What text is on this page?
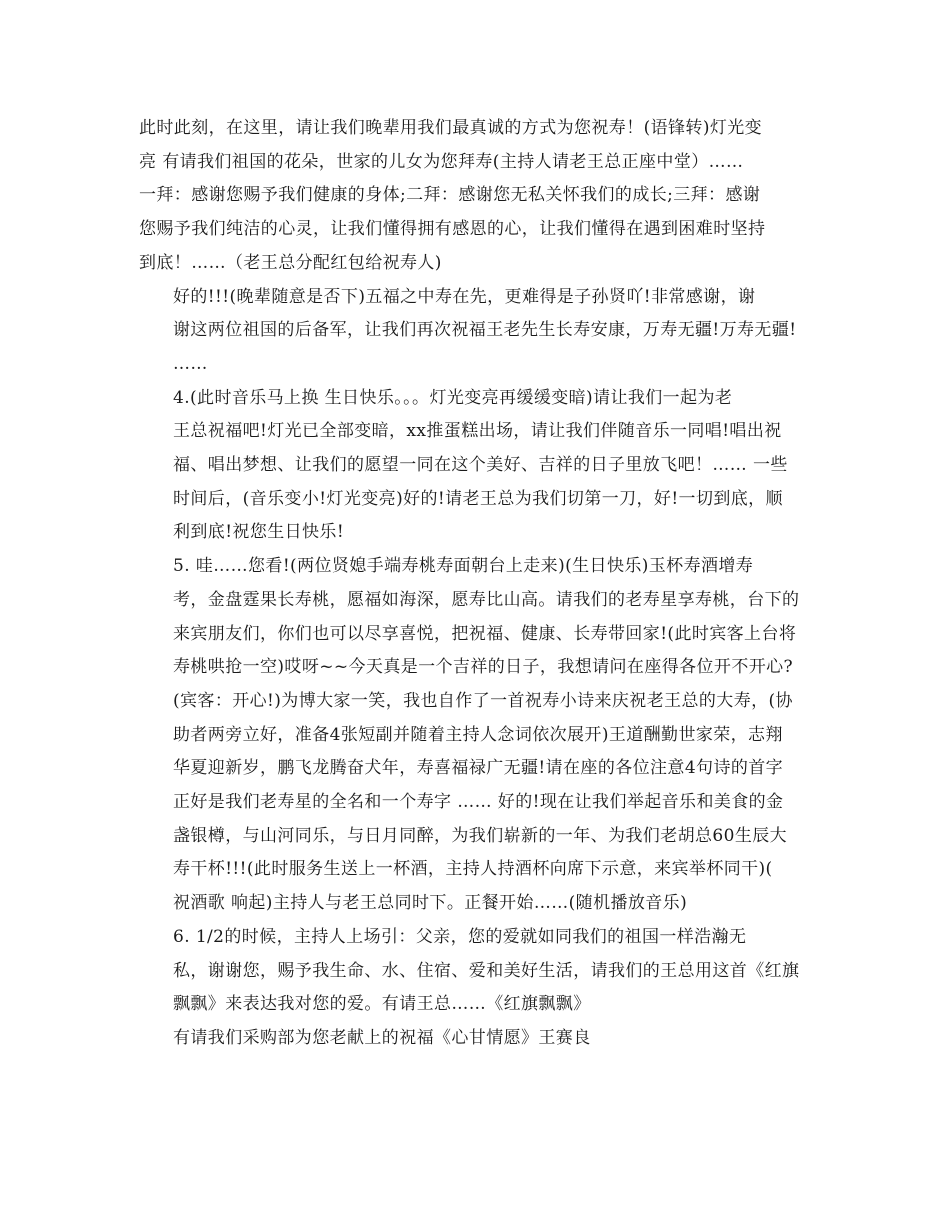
此时此刻，在这里，请让我们晚辈用我们最真诚的方式为您祝寿！(语锋转)灯光变
亮 有请我们祖国的花朵，世家的儿女为您拜寿(主持人请老王总正座中堂）……
一拜：感谢您赐予我们健康的身体;二拜：感谢您无私关怀我们的成长;三拜：感谢
您赐予我们纯洁的心灵，让我们懂得拥有感恩的心，让我们懂得在遇到困难时坚持
到底！……（老王总分配红包给祝寿人)
好的!!!(晚辈随意是否下)五福之中寿在先，更难得是子孙贤吖!非常感谢，谢
谢这两位祖国的后备军，让我们再次祝福王老先生长寿安康，万寿无疆!万寿无疆!
……
4.(此时音乐马上换 生日快乐。。。灯光变亮再缓缓变暗)请让我们一起为老
王总祝福吧!灯光已全部变暗，xx推蛋糕出场，请让我们伴随音乐一同唱!唱出祝
福、唱出梦想、让我们的愿望一同在这个美好、吉祥的日子里放飞吧！…… 一些
时间后，(音乐变小!灯光变亮)好的!请老王总为我们切第一刀，好!一切到底，顺
利到底!祝您生日快乐!
5. 哇……您看!(两位贤媳手端寿桃寿面朝台上走来)(生日快乐)玉杯寿酒增寿
考，金盘霆果长寿桃，愿福如海深，愿寿比山高。请我们的老寿星享寿桃，台下的
来宾朋友们，你们也可以尽享喜悦，把祝福、健康、长寿带回家!(此时宾客上台将
寿桃哄抢一空)哎呀~~今天真是一个吉祥的日子，我想请问在座得各位开不开心?
(宾客：开心!)为博大家一笑，我也自作了一首祝寿小诗来庆祝老王总的大寿，(协
助者两旁立好，准备4张短副并随着主持人念词依次展开)王道酬勤世家荣，志翔
华夏迎新岁，鹏飞龙腾奋犬年，寿喜福禄广无疆!请在座的各位注意4句诗的首字
正好是我们老寿星的全名和一个寿字 …… 好的!现在让我们举起音乐和美食的金
盏银樽，与山河同乐，与日月同醉，为我们崭新的一年、为我们老胡总60生辰大
寿干杯!!!(此时服务生送上一杯酒，主持人持酒杯向席下示意，来宾举杯同干)(
祝酒歌 响起)主持人与老王总同时下。正餐开始……(随机播放音乐)
6. 1/2的时候，主持人上场引：父亲，您的爱就如同我们的祖国一样浩瀚无
私，谢谢您，赐予我生命、水、住宿、爱和美好生活，请我们的王总用这首《红旗
飘飘》来表达我对您的爱。有请王总……《红旗飘飘》
有请我们采购部为您老献上的祝福《心甘情愿》王赛良
